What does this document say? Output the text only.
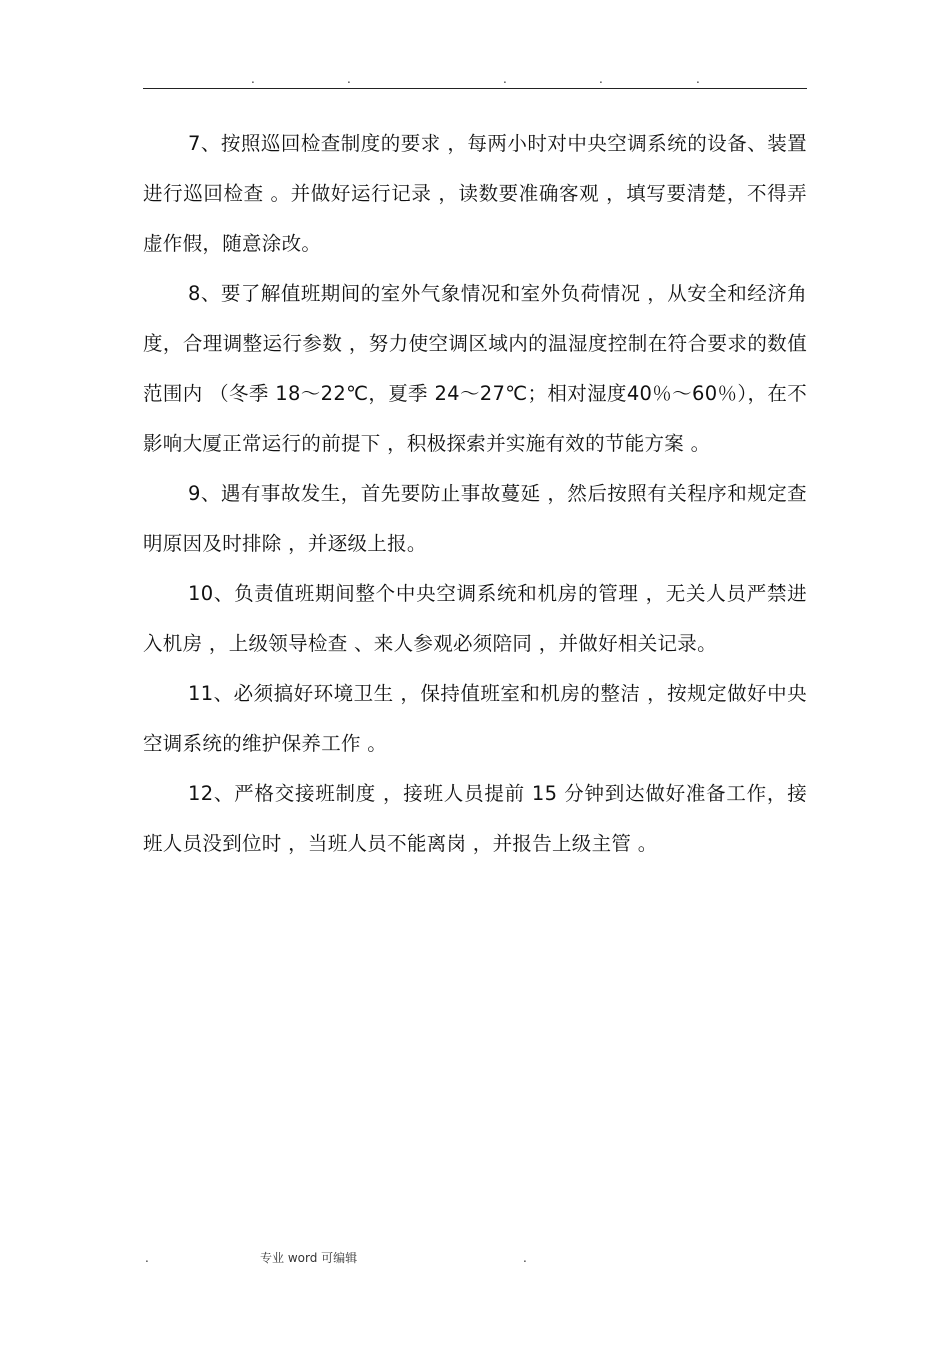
.	.	.	.	.

7、按照巡回检查制度的要求 ，每两小时对中央空调系统的设备、装置进行巡回检查 。并做好运行记录 ，读数要准确客观 ，填写要清楚，不得弄虚作假，随意涂改。

8、要了解值班期间的室外气象情况和室外负荷情况 ，从安全和经济角度，合理调整运行参数 ，努力使空调区域内的温湿度控制在符合要求的数值范围内 （冬季 18～22℃，夏季 24～27℃；相对湿度40％～60％），在不影响大厦正常运行的前提下 ，积极探索并实施有效的节能方案 。

9、遇有事故发生，首先要防止事故蔓延 ，然后按照有关程序和规定查明原因及时排除 ，并逐级上报。

10、负责值班期间整个中央空调系统和机房的管理 ，无关人员严禁进入机房 ，上级领导检查 、来人参观必须陪同 ，并做好相关记录。

11、必须搞好环境卫生 ，保持值班室和机房的整洁 ，按规定做好中央空调系统的维护保养工作 。

12、严格交接班制度 ，接班人员提前 15 分钟到达做好准备工作，接班人员没到位时 ，当班人员不能离岗 ，并报告上级主管 。

.	专业 word 可编辑	.
